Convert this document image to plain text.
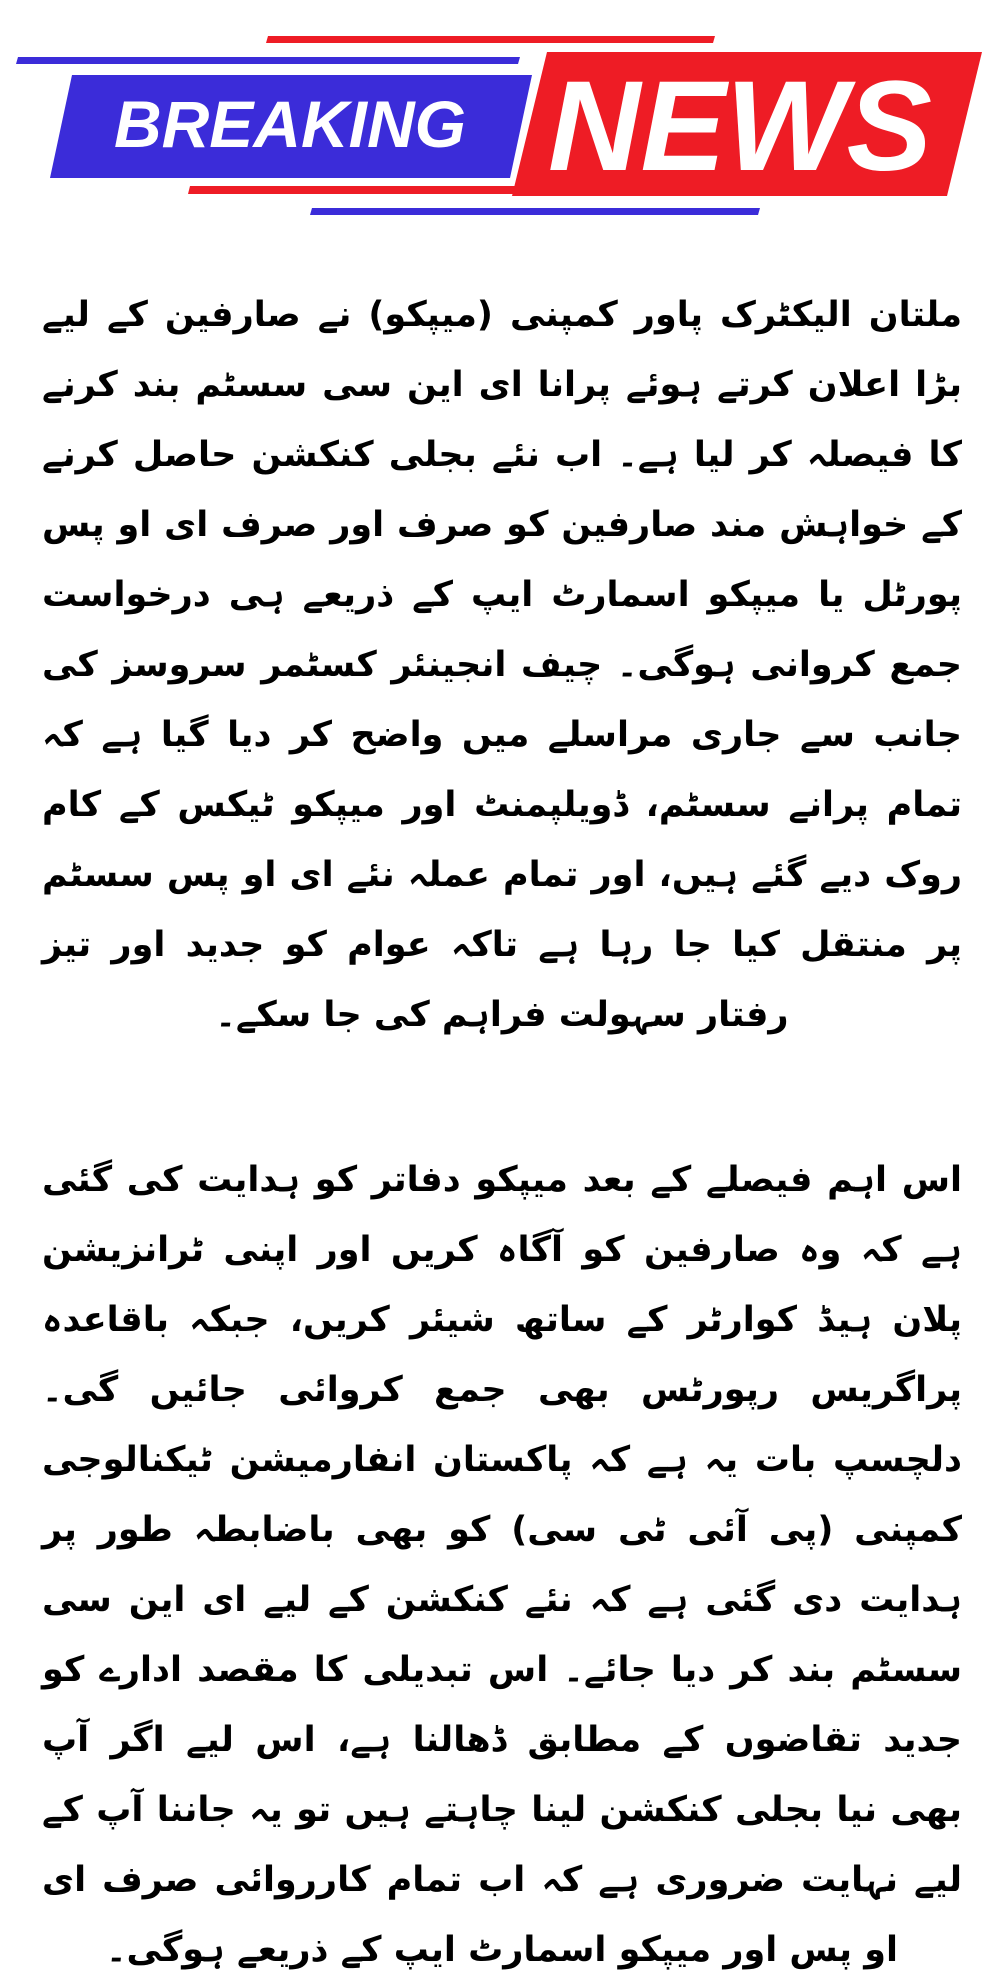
BREAKING NEWS

ملتان الیکٹرک پاور کمپنی (میپکو) نے صارفین کے لیے بڑا اعلان کرتے ہوئے پرانا ای این سی سسٹم بند کرنے کا فیصلہ کر لیا ہے۔ اب نئے بجلی کنکشن حاصل کرنے کے خواہش مند صارفین کو صرف اور صرف ای او پس پورٹل یا میپکو اسمارٹ ایپ کے ذریعے ہی درخواست جمع کروانی ہوگی۔ چیف انجینئر کسٹمر سروسز کی جانب سے جاری مراسلے میں واضح کر دیا گیا ہے کہ تمام پرانے سسٹم، ڈویلپمنٹ اور میپکو ٹیکس کے کام روک دیے گئے ہیں، اور تمام عملہ نئے ای او پس سسٹم پر منتقل کیا جا رہا ہے تاکہ عوام کو جدید اور تیز رفتار سہولت فراہم کی جا سکے۔

اس اہم فیصلے کے بعد میپکو دفاتر کو ہدایت کی گئی ہے کہ وہ صارفین کو آگاہ کریں اور اپنی ٹرانزیشن پلان ہیڈ کوارٹر کے ساتھ شیئر کریں، جبکہ باقاعدہ پراگریس رپورٹس بھی جمع کروائی جائیں گی۔ دلچسپ بات یہ ہے کہ پاکستان انفارمیشن ٹیکنالوجی کمپنی (پی آئی ٹی سی) کو بھی باضابطہ طور پر ہدایت دی گئی ہے کہ نئے کنکشن کے لیے ای این سی سسٹم بند کر دیا جائے۔ اس تبدیلی کا مقصد ادارے کو جدید تقاضوں کے مطابق ڈھالنا ہے، اس لیے اگر آپ بھی نیا بجلی کنکشن لینا چاہتے ہیں تو یہ جاننا آپ کے لیے نہایت ضروری ہے کہ اب تمام کارروائی صرف ای او پس اور میپکو اسمارٹ ایپ کے ذریعے ہوگی۔
